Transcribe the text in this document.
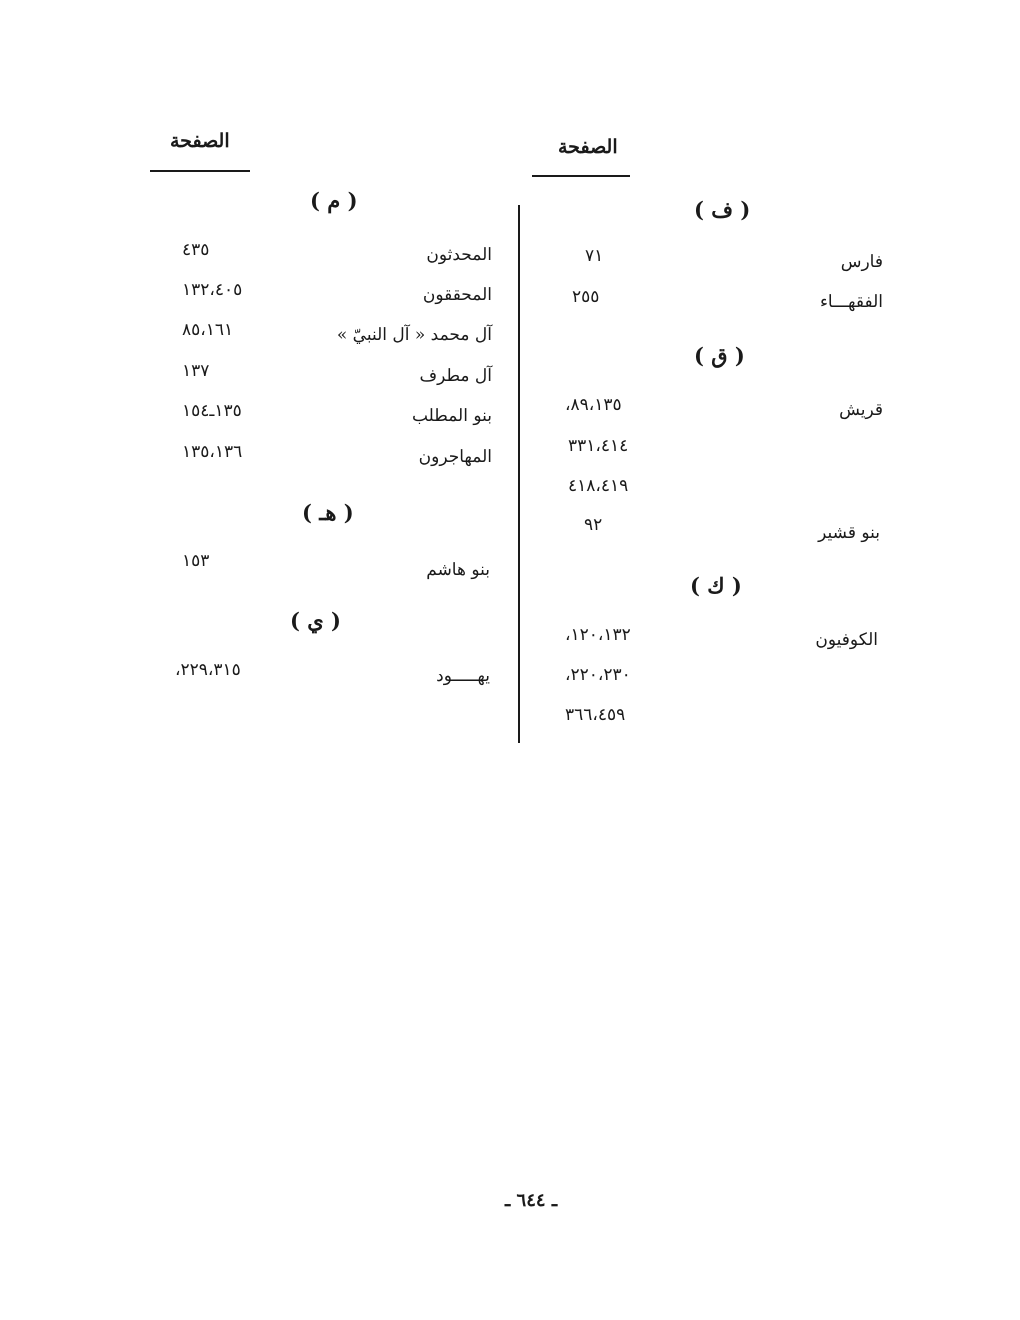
الصفحة
الصفحة
( ف )
فارس
٧١
الفقهـــاء
٢٥٥
( ق )
قريش
٨٩،١٣٥،
٣٣١،٤١٤
٤١٨،٤١٩
بنو قشير
٩٢
( ك )
الكوفيون
١٢٠،١٣٢،
٢٢٠،٢٣٠،
٣٦٦،٤٥٩
( م )
المحدثون
٤٣٥
المحققون
١٣٢،٤٠٥
آل محمد « آل النبيّ »
٨٥،١٦١
آل مطرف
١٣٧
بنو المطلب
١٣٥ـ١٥٤
المهاجرون
١٣٥،١٣٦
( هـ )
بنو هاشم
١٥٣
( ي )
يهـــــود
٢٢٩،٣١٥،
ـ ٦٤٤ ـ
